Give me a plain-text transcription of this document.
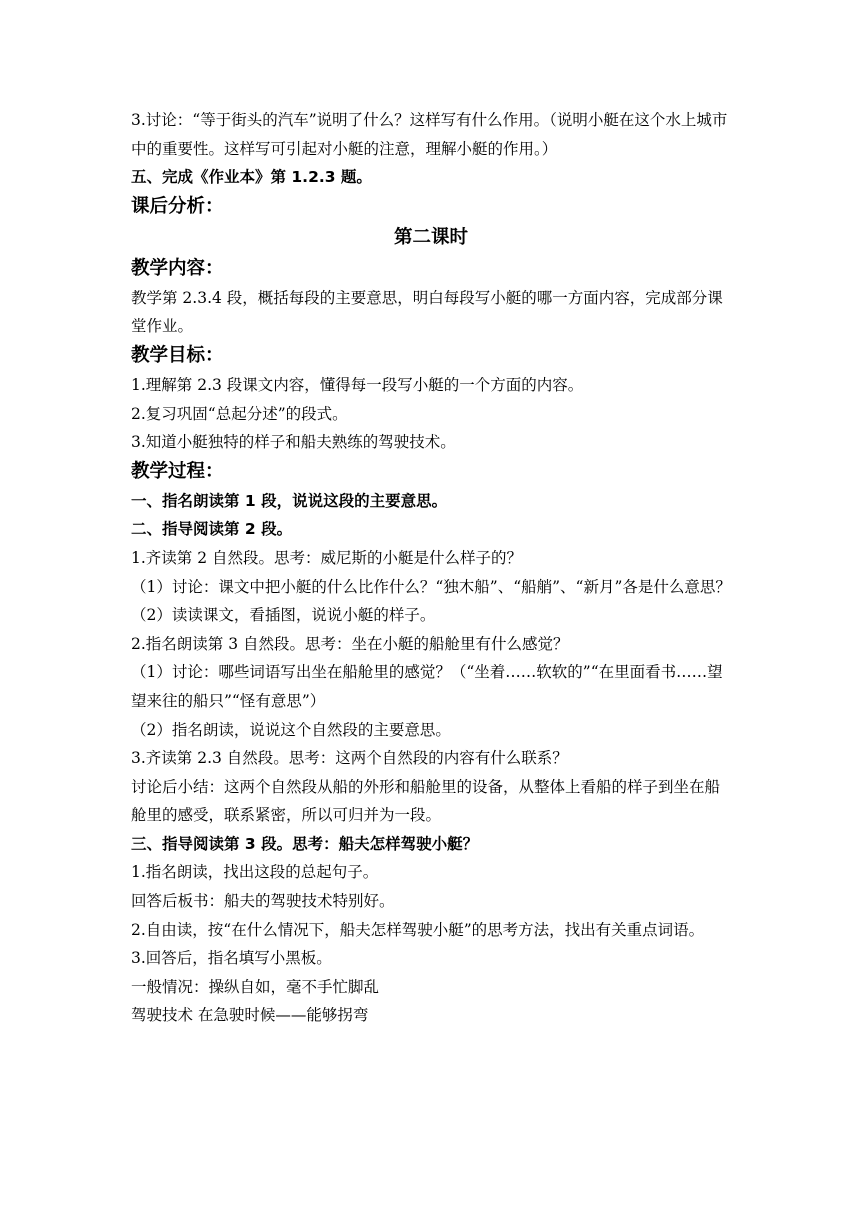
3.讨论：“等于街头的汽车”说明了什么？这样写有什么作用。（说明小艇在这个水上城市中的重要性。这样写可引起对小艇的注意，理解小艇的作用。）

五、完成《作业本》第 1.2.3 题。

课后分析：

第二课时

教学内容：

教学第 2.3.4 段，概括每段的主要意思，明白每段写小艇的哪一方面内容，完成部分课堂作业。

教学目标：

1.理解第 2.3 段课文内容，懂得每一段写小艇的一个方面的内容。

2.复习巩固“总起分述”的段式。

3.知道小艇独特的样子和船夫熟练的驾驶技术。

教学过程：

一、指名朗读第 1 段，说说这段的主要意思。

二、指导阅读第 2 段。

1.齐读第 2 自然段。思考：威尼斯的小艇是什么样子的？

（1）讨论：课文中把小艇的什么比作什么？“独木船”、“船艄”、“新月”各是什么意思？

（2）读读课文，看插图，说说小艇的样子。

2.指名朗读第 3 自然段。思考：坐在小艇的船舱里有什么感觉？

（1）讨论：哪些词语写出坐在船舱里的感觉？（“坐着……软软的”“在里面看书……望望来往的船只”“怪有意思”）

（2）指名朗读，说说这个自然段的主要意思。

3.齐读第 2.3 自然段。思考：这两个自然段的内容有什么联系？

讨论后小结：这两个自然段从船的外形和船舱里的设备，从整体上看船的样子到坐在船舱里的感受，联系紧密，所以可归并为一段。

三、指导阅读第 3 段。思考：船夫怎样驾驶小艇？

1.指名朗读，找出这段的总起句子。

回答后板书：船夫的驾驶技术特别好。

2.自由读，按“在什么情况下，船夫怎样驾驶小艇”的思考方法，找出有关重点词语。

3.回答后，指名填写小黑板。

一般情况：操纵自如，毫不手忙脚乱

驾驶技术 在急驶时候——能够拐弯
